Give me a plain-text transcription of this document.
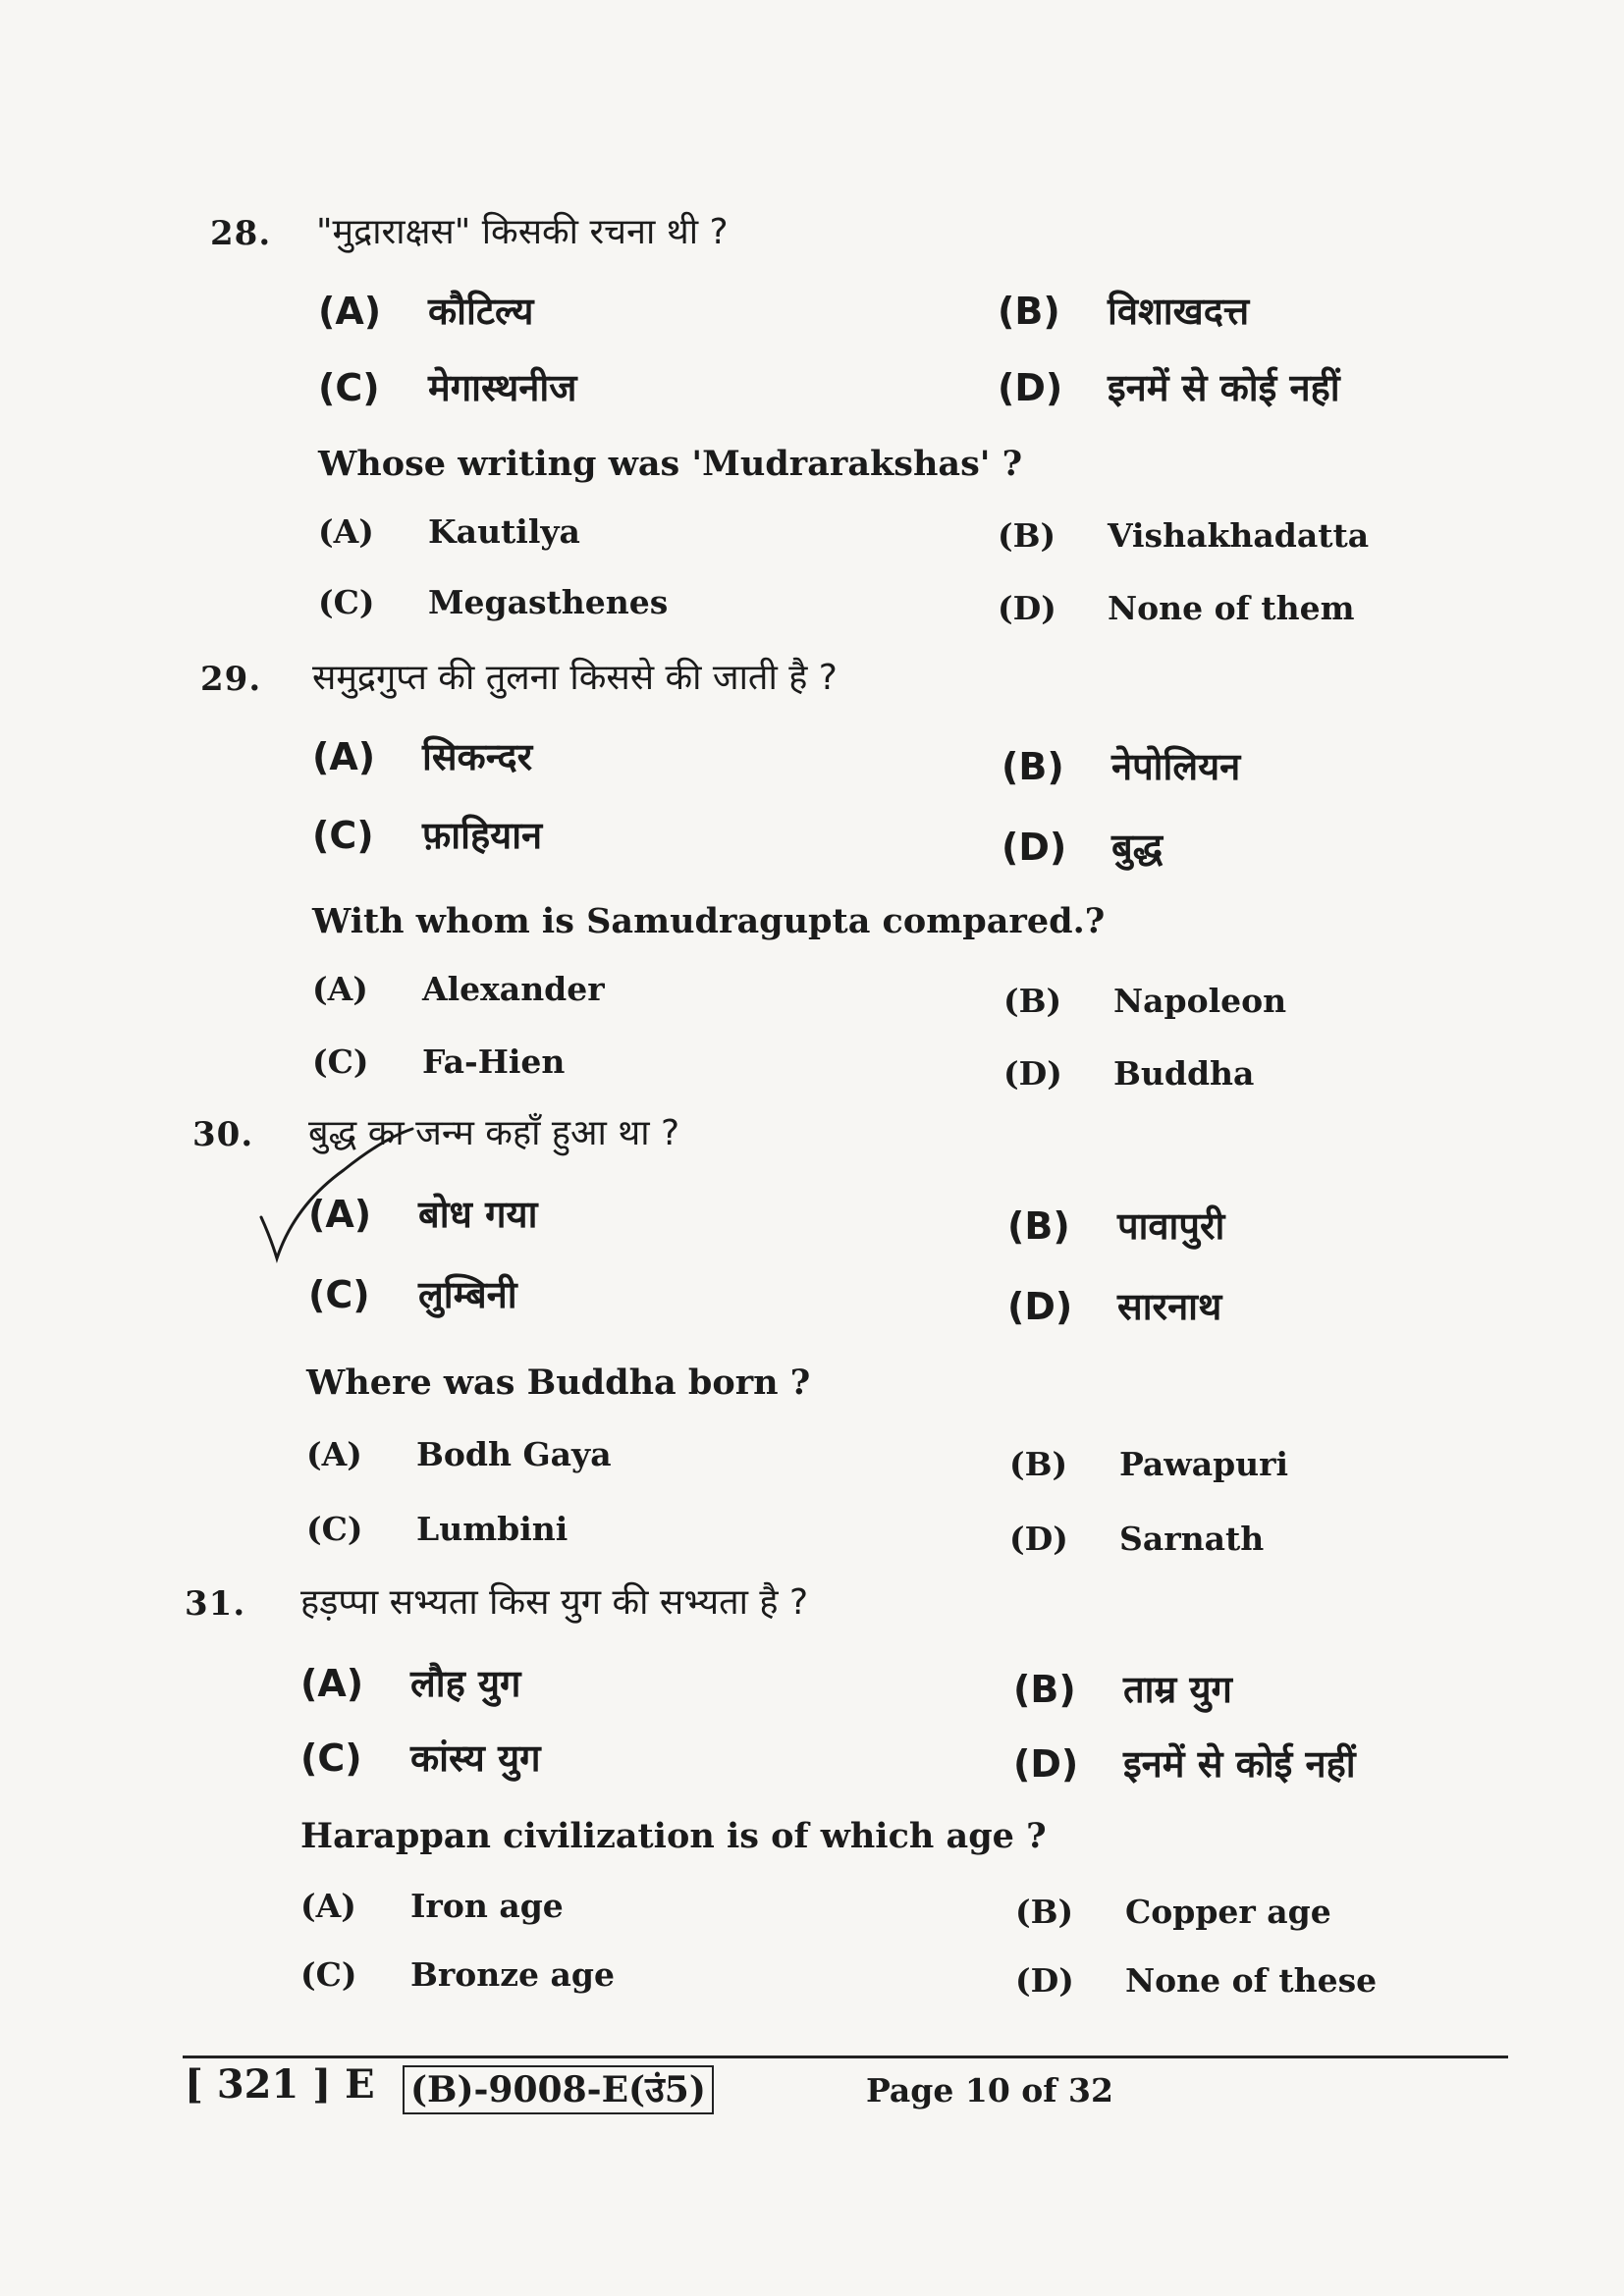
28. "मुद्राराक्षस" किसकी रचना थी ?
(A) कौटिल्य	(B) विशाखदत्त
(C) मेगास्थनीज	(D) इनमें से कोई नहीं
Whose writing was 'Mudrarakshas' ?
(A) Kautilya	(B) Vishakhadatta
(C) Megasthenes	(D) None of them
29. समुद्रगुप्त की तुलना किससे की जाती है ?
(A) सिकन्दर	(B) नेपोलियन
(C) फ़ाहियान	(D) बुद्ध
With whom is Samudragupta compared.?
(A) Alexander	(B) Napoleon
(C) Fa-Hien	(D) Buddha
30. बुद्ध का जन्म कहाँ हुआ था ?
(A) बोध गया	(B) पावापुरी
(C) लुम्बिनी	(D) सारनाथ
Where was Buddha born ?
(A) Bodh Gaya	(B) Pawapuri
(C) Lumbini	(D) Sarnath
31. हड़प्पा सभ्यता किस युग की सभ्यता है ?
(A) लौह युग	(B) ताम्र युग
(C) कांस्य युग	(D) इनमें से कोई नहीं
Harappan civilization is of which age ?
(A) Iron age	(B) Copper age
(C) Bronze age	(D) None of these
[ 321 ] E (B)-9008-E(उं5)	Page 10 of 32
